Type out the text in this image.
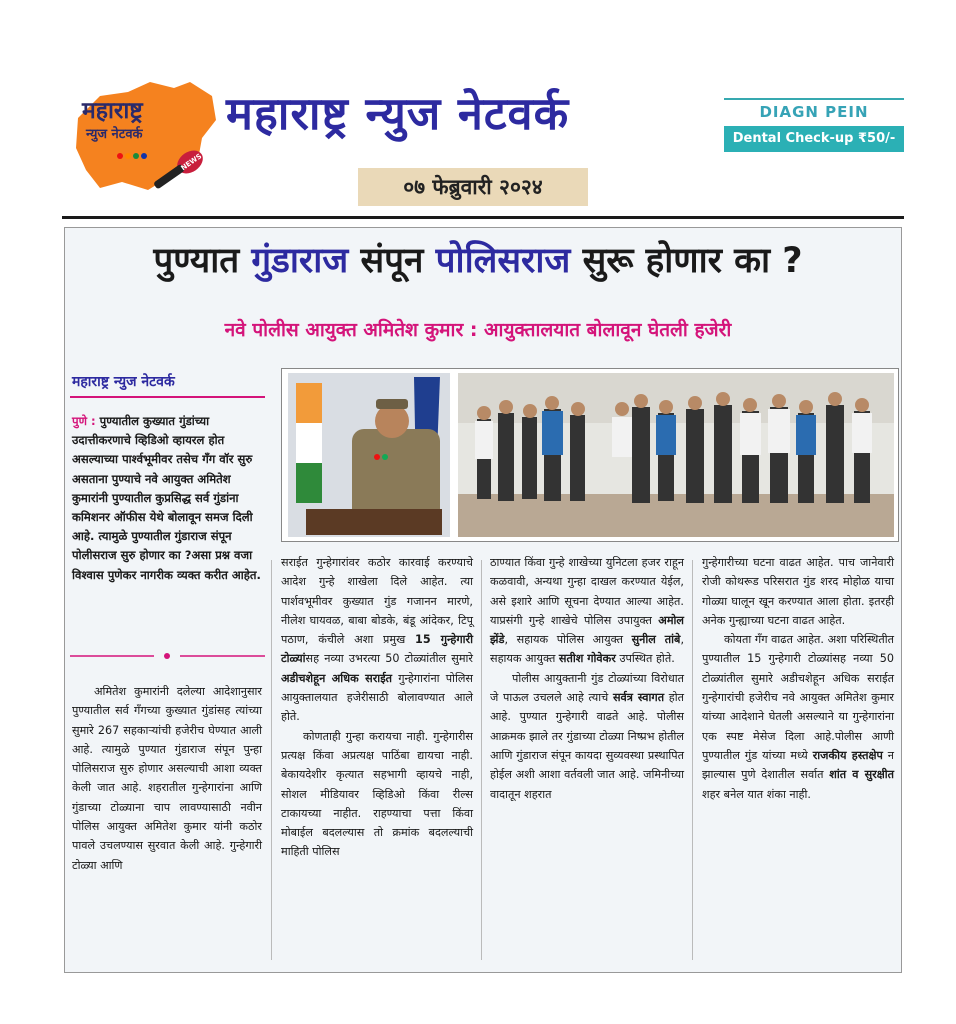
NEWS
महाराष्ट्र
न्युज नेटवर्क महाराष्ट्र न्युज नेटवर्क
०७ फेब्रुवारी २०२४
DIAGN PEIN
Dental Check-up ₹50/-
पुण्यात गुंडाराज संपून पोलिसराज सुरू होणार का ?
नवे पोलीस आयुक्त अमितेश कुमार : आयुक्तालयात बोलावून घेतली हजेरी
महाराष्ट्र न्युज नेटवर्क
पुणे : पुण्यातील कुख्यात गुंडांच्या उदात्तीकरणाचे व्हिडिओ व्हायरल होत असल्याच्या पार्श्वभूमीवर तसेच गँग वॉर सुरु असताना पुण्याचे नवे आयुक्त अमितेश कुमारांनी पुण्यातील कुप्रसिद्ध सर्व गुंडांना कमिशनर ऑफीस येथे बोलावून समज दिली आहे. त्यामुळे पुण्यातील गुंडाराज संपून पोलीसराज सुरु होणार का ?असा प्रश्न वजा विश्वास पुणेकर नागरीक व्यक्त करीत आहेत.

अमितेश कुमारांनी दलेल्या आदेशानुसार पुण्यातील सर्व गँगच्या कुख्यात गुंडांसह त्यांच्या सुमारे 267 सहकाऱ्यांची हजेरीच घेण्यात आली आहे. त्यामुळे पुण्यात गुंडाराज संपून पुन्हा पोलिसराज सुरु होणार असल्याची आशा व्यक्त केली जात आहे. शहरातील गुन्हेगारांना आणि गुंडाच्या टोळ्याना चाप लावण्यासाठी नवीन पोलिस आयुक्त अमितेश कुमार यांनी कठोर पावले उचलण्यास सुरवात केली आहे. गुन्हेगारी टोळ्या आणि

सराईत गुन्हेगारांवर कठोर कारवाई करण्याचे आदेश गुन्हे शाखेला दिले आहेत. त्या पार्शवभूमीवर कुख्यात गुंड गजानन मारणे, नीलेश घायवळ, बाबा बोडके, बंडू आंदेकर, टिपू पठाण, कंचीले अशा प्रमुख 15 गुन्हेगारी टोळ्यांसह नव्या उभरत्या 50 टोळ्यांतील सुमारे अडीचशेहून अधिक सराईत गुन्हेगारांना पोलिस आयुक्तालयात हजेरीसाठी बोलावण्यात आले होते.

कोणताही गुन्हा करायचा नाही. गुन्हेगारीस प्रत्यक्ष किंवा अप्रत्यक्ष पाठिंबा द्यायचा नाही. बेकायदेशीर कृत्यात सहभागी व्हायचे नाही, सोशल मीडियावर व्हिडिओ किंवा रील्स टाकायच्या नाहीत. राहण्याचा पत्ता किंवा मोबाईल बदलल्यास तो क्रमांक बदलल्याची माहिती पोलिस

ठाण्यात किंवा गुन्हे शाखेच्या युनिटला हजर राहून कळवावी, अन्यथा गुन्हा दाखल करण्यात येईल, असे इशारे आणि सूचना देण्यात आल्या आहेत. याप्रसंगी गुन्हे शाखेचे पोलिस उपायुक्त अमोल झेंडे, सहायक पोलिस आयुक्त सुनील तांबे, सहायक आयुक्त सतीश गोवेकर उपस्थित होते.

पोलीस आयुक्तानी गुंड टोळ्यांच्या विरोधात जे पाऊल उचलले आहे त्याचे सर्वत्र स्वागत होत आहे. पुण्यात गुन्हेगारी वाढते आहे. पोलीस आक्रमक झाले तर गुंडाच्या टोळ्या निष्प्रभ होतील आणि गुंडाराज संपून कायदा सुव्यवस्था प्रस्थापित होईल अशी आशा वर्तवली जात आहे. जमिनीच्या वादातून शहरात

गुन्हेगारीच्या घटना वाढत आहेत. पाच जानेवारी रोजी कोथरूड परिसरात गुंड शरद मोहोळ याचा गोळ्या घालून खून करण्यात आला होता. इतरही अनेक गुन्ह्याच्या घटना वाढत आहेत.

कोयता गँग वाढत आहेत. अशा परिस्थितीत पुण्यातील 15 गुन्हेगारी टोळ्यांसह नव्या 50 टोळ्यांतील सुमारे अडीचशेहून अधिक सराईत गुन्हेगारांची हजेरीच नवे आयुक्त अमितेश कुमार यांच्या आदेशाने घेतली असल्याने या गुन्हेगारांना एक स्पष्ट मेसेज दिला आहे.पोलीस आणी पुण्यातील गुंड यांच्या मध्ये राजकीय हस्तक्षेप न झाल्यास पुणे देशातील सर्वात शांत व सुरक्षीत शहर बनेल यात शंका नाही.
